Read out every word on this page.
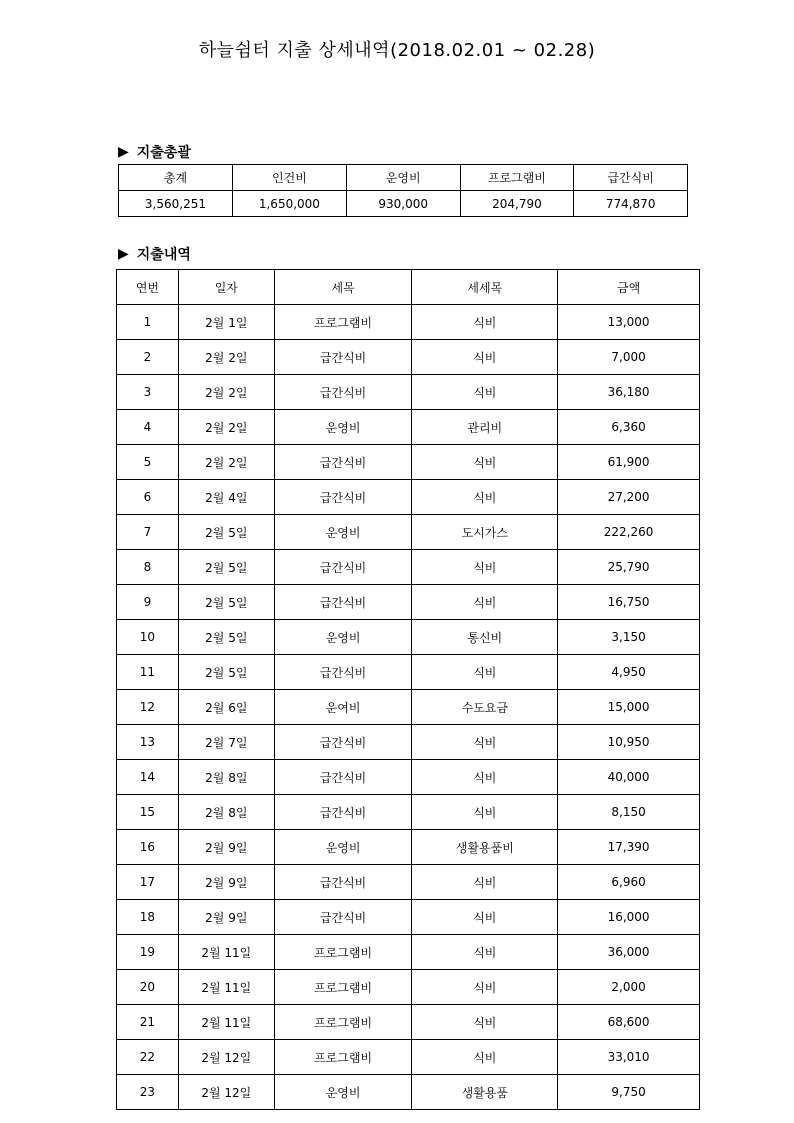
하늘쉼터 지출 상세내역(2018.02.01 ~ 02.28)
▶ 지출총괄
총계	인건비	운영비	프로그램비	급간식비
3,560,251	1,650,000	930,000	204,790	774,870
▶ 지출내역
연번	일자	세목	세세목	금액
1	2월 1일	프로그램비	식비	13,000
2	2월 2일	급간식비	식비	7,000
3	2월 2일	급간식비	식비	36,180
4	2월 2일	운영비	관리비	6,360
5	2월 2일	급간식비	식비	61,900
6	2월 4일	급간식비	식비	27,200
7	2월 5일	운영비	도시가스	222,260
8	2월 5일	급간식비	식비	25,790
9	2월 5일	급간식비	식비	16,750
10	2월 5일	운영비	통신비	3,150
11	2월 5일	급간식비	식비	4,950
12	2월 6일	운여비	수도요금	15,000
13	2월 7일	급간식비	식비	10,950
14	2월 8일	급간식비	식비	40,000
15	2월 8일	급간식비	식비	8,150
16	2월 9일	운영비	생활용품비	17,390
17	2월 9일	급간식비	식비	6,960
18	2월 9일	급간식비	식비	16,000
19	2월 11일	프로그램비	식비	36,000
20	2월 11일	프로그램비	식비	2,000
21	2월 11일	프로그램비	식비	68,600
22	2월 12일	프로그램비	식비	33,010
23	2월 12일	운영비	생활용품	9,750
